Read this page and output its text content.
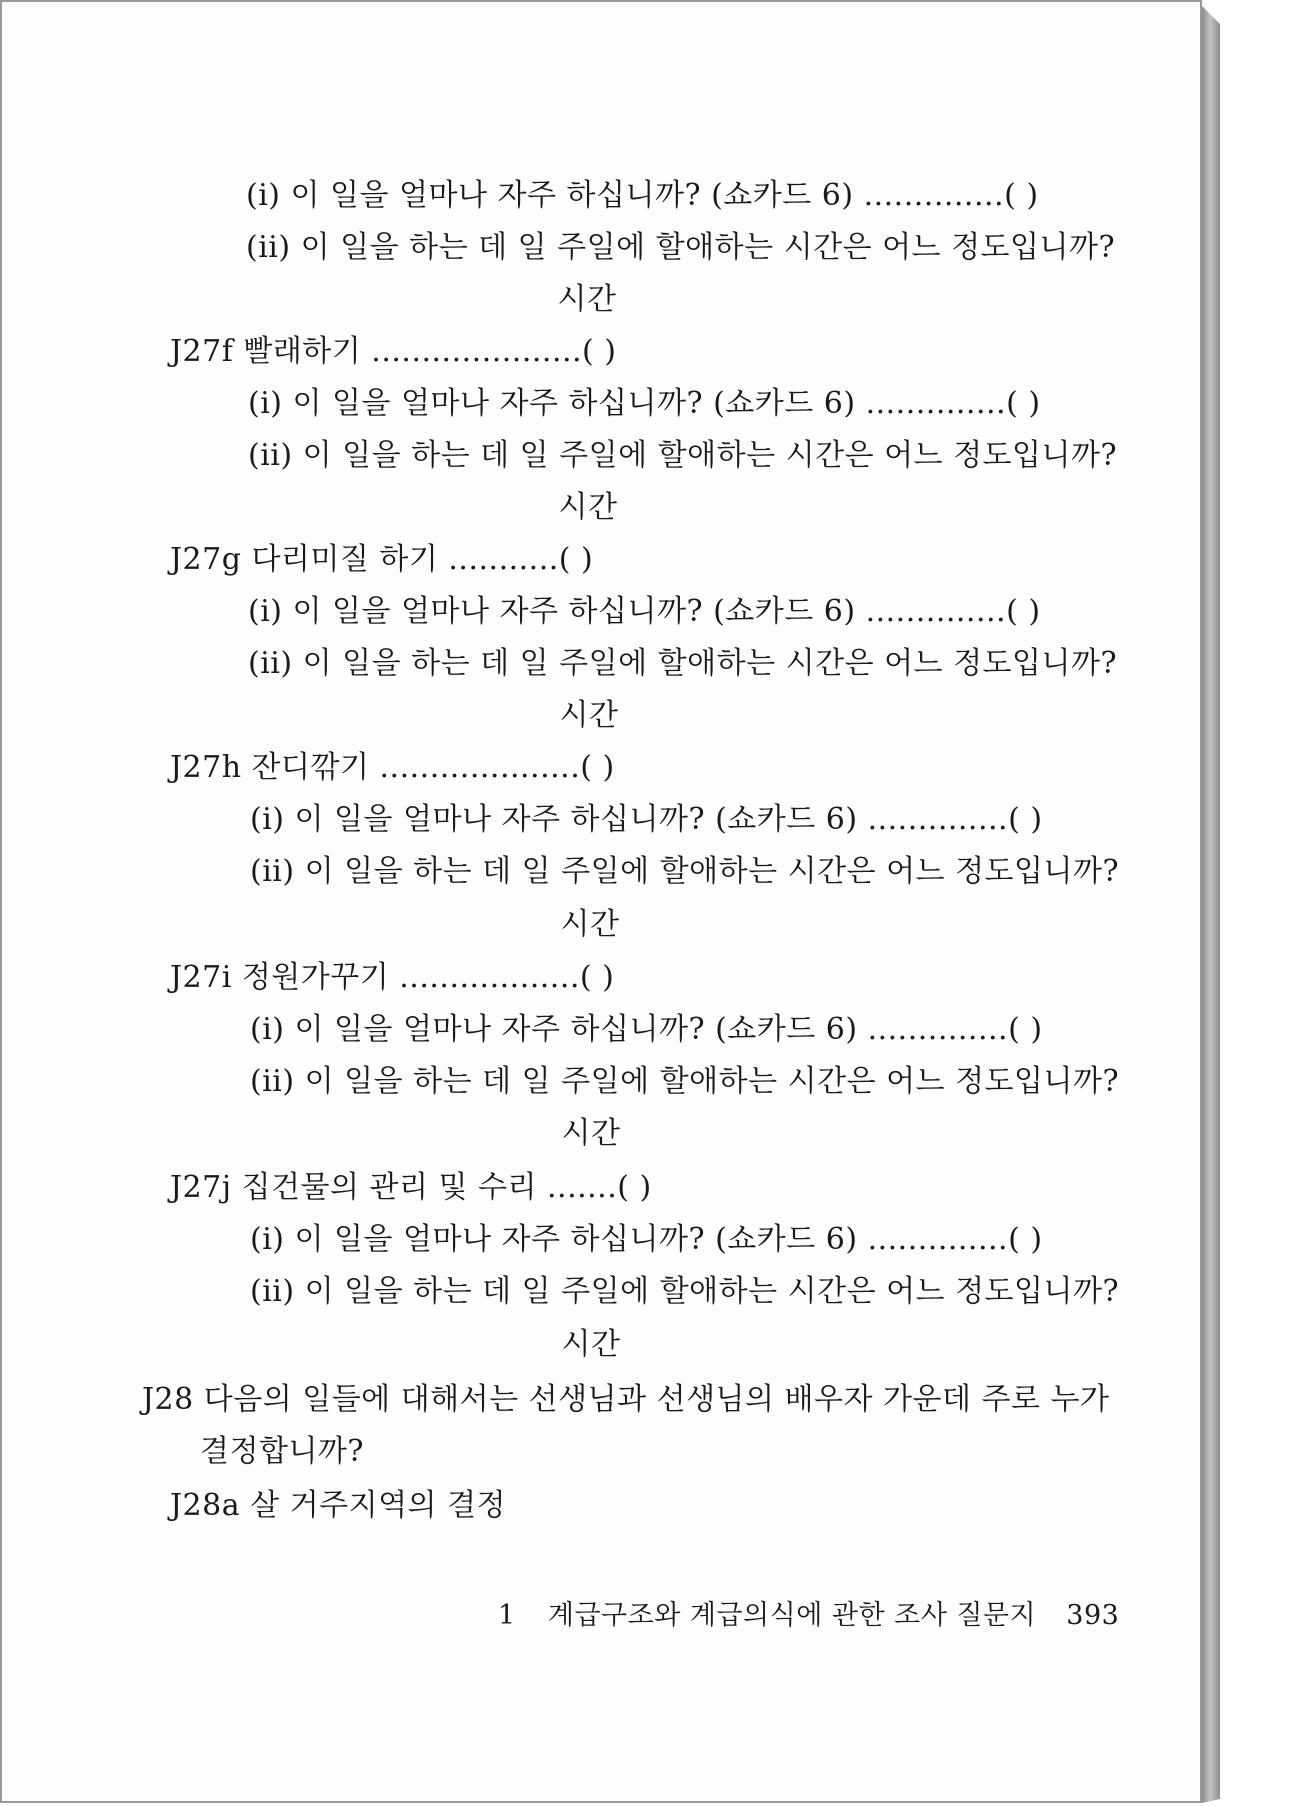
(i) 이 일을 얼마나 자주 하십니까? (쇼카드 6) ..............( )
(ii) 이 일을 하는 데 일 주일에 할애하는 시간은 어느 정도입니까?
시간
J27f 빨래하기 .....................( )
(i) 이 일을 얼마나 자주 하십니까? (쇼카드 6) ..............( )
(ii) 이 일을 하는 데 일 주일에 할애하는 시간은 어느 정도입니까?
시간
J27g 다리미질 하기 ...........( )
(i) 이 일을 얼마나 자주 하십니까? (쇼카드 6) ..............( )
(ii) 이 일을 하는 데 일 주일에 할애하는 시간은 어느 정도입니까?
시간
J27h 잔디깎기 ....................( )
(i) 이 일을 얼마나 자주 하십니까? (쇼카드 6) ..............( )
(ii) 이 일을 하는 데 일 주일에 할애하는 시간은 어느 정도입니까?
시간
J27i 정원가꾸기 ..................( )
(i) 이 일을 얼마나 자주 하십니까? (쇼카드 6) ..............( )
(ii) 이 일을 하는 데 일 주일에 할애하는 시간은 어느 정도입니까?
시간
J27j 집건물의 관리 및 수리 .......( )
(i) 이 일을 얼마나 자주 하십니까? (쇼카드 6) ..............( )
(ii) 이 일을 하는 데 일 주일에 할애하는 시간은 어느 정도입니까?
시간
J28 다음의 일들에 대해서는 선생님과 선생님의 배우자 가운데 주로 누가
결정합니까?
J28a 살 거주지역의 결정
1 계급구조와 계급의식에 관한 조사 질문지 393
